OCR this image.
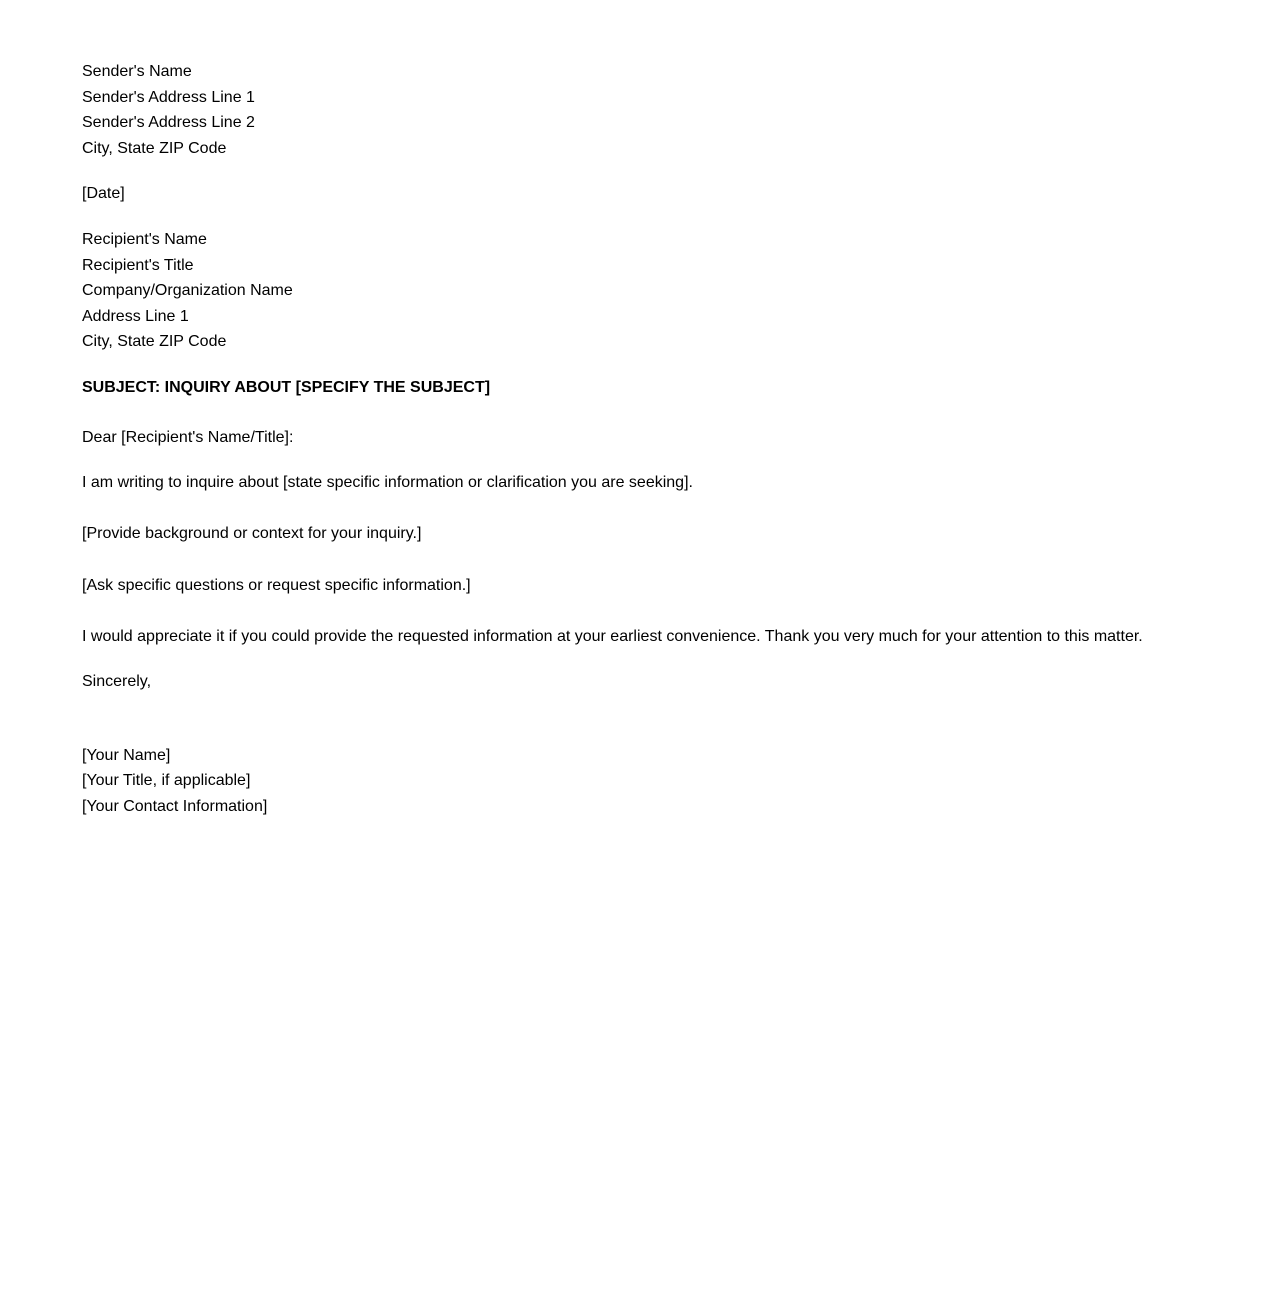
Sender's Name
Sender's Address Line 1
Sender's Address Line 2
City, State ZIP Code
[Date]
Recipient's Name
Recipient's Title
Company/Organization Name
Address Line 1
City, State ZIP Code
SUBJECT: INQUIRY ABOUT [SPECIFY THE SUBJECT]
Dear [Recipient's Name/Title]:
I am writing to inquire about [state specific information or clarification you are seeking].
[Provide background or context for your inquiry.]
[Ask specific questions or request specific information.]
I would appreciate it if you could provide the requested information at your earliest convenience. Thank you very much for your attention to this matter.
Sincerely,
[Your Name]
[Your Title, if applicable]
[Your Contact Information]
